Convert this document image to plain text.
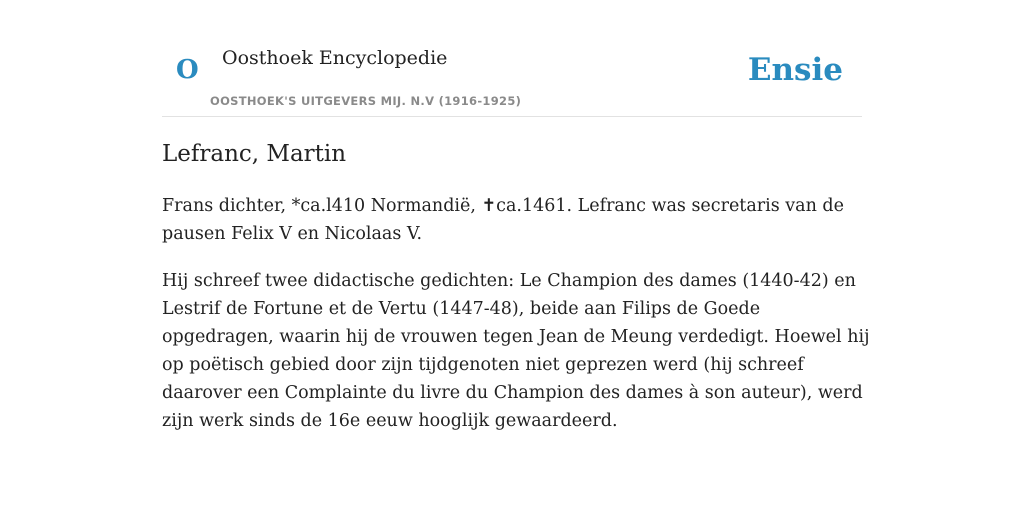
O Oosthoek Encyclopedie
OOSTHOEK'S UITGEVERS MIJ. N.V (1916-1925)
Ensie
Lefranc, Martin

Frans dichter, *ca.l410 Normandië, ✝ca.1461. Lefranc was secretaris van de pausen Felix V en Nicolaas V.

Hij schreef twee didactische gedichten: Le Champion des dames (1440-42) en Lestrif de Fortune et de Vertu (1447-48), beide aan Filips de Goede opgedragen, waarin hij de vrouwen tegen Jean de Meung verdedigt. Hoewel hij op poëtisch gebied door zijn tijdgenoten niet geprezen werd (hij schreef daarover een Complainte du livre du Champion des dames à son auteur), werd zijn werk sinds de 16e eeuw hooglijk gewaardeerd.
